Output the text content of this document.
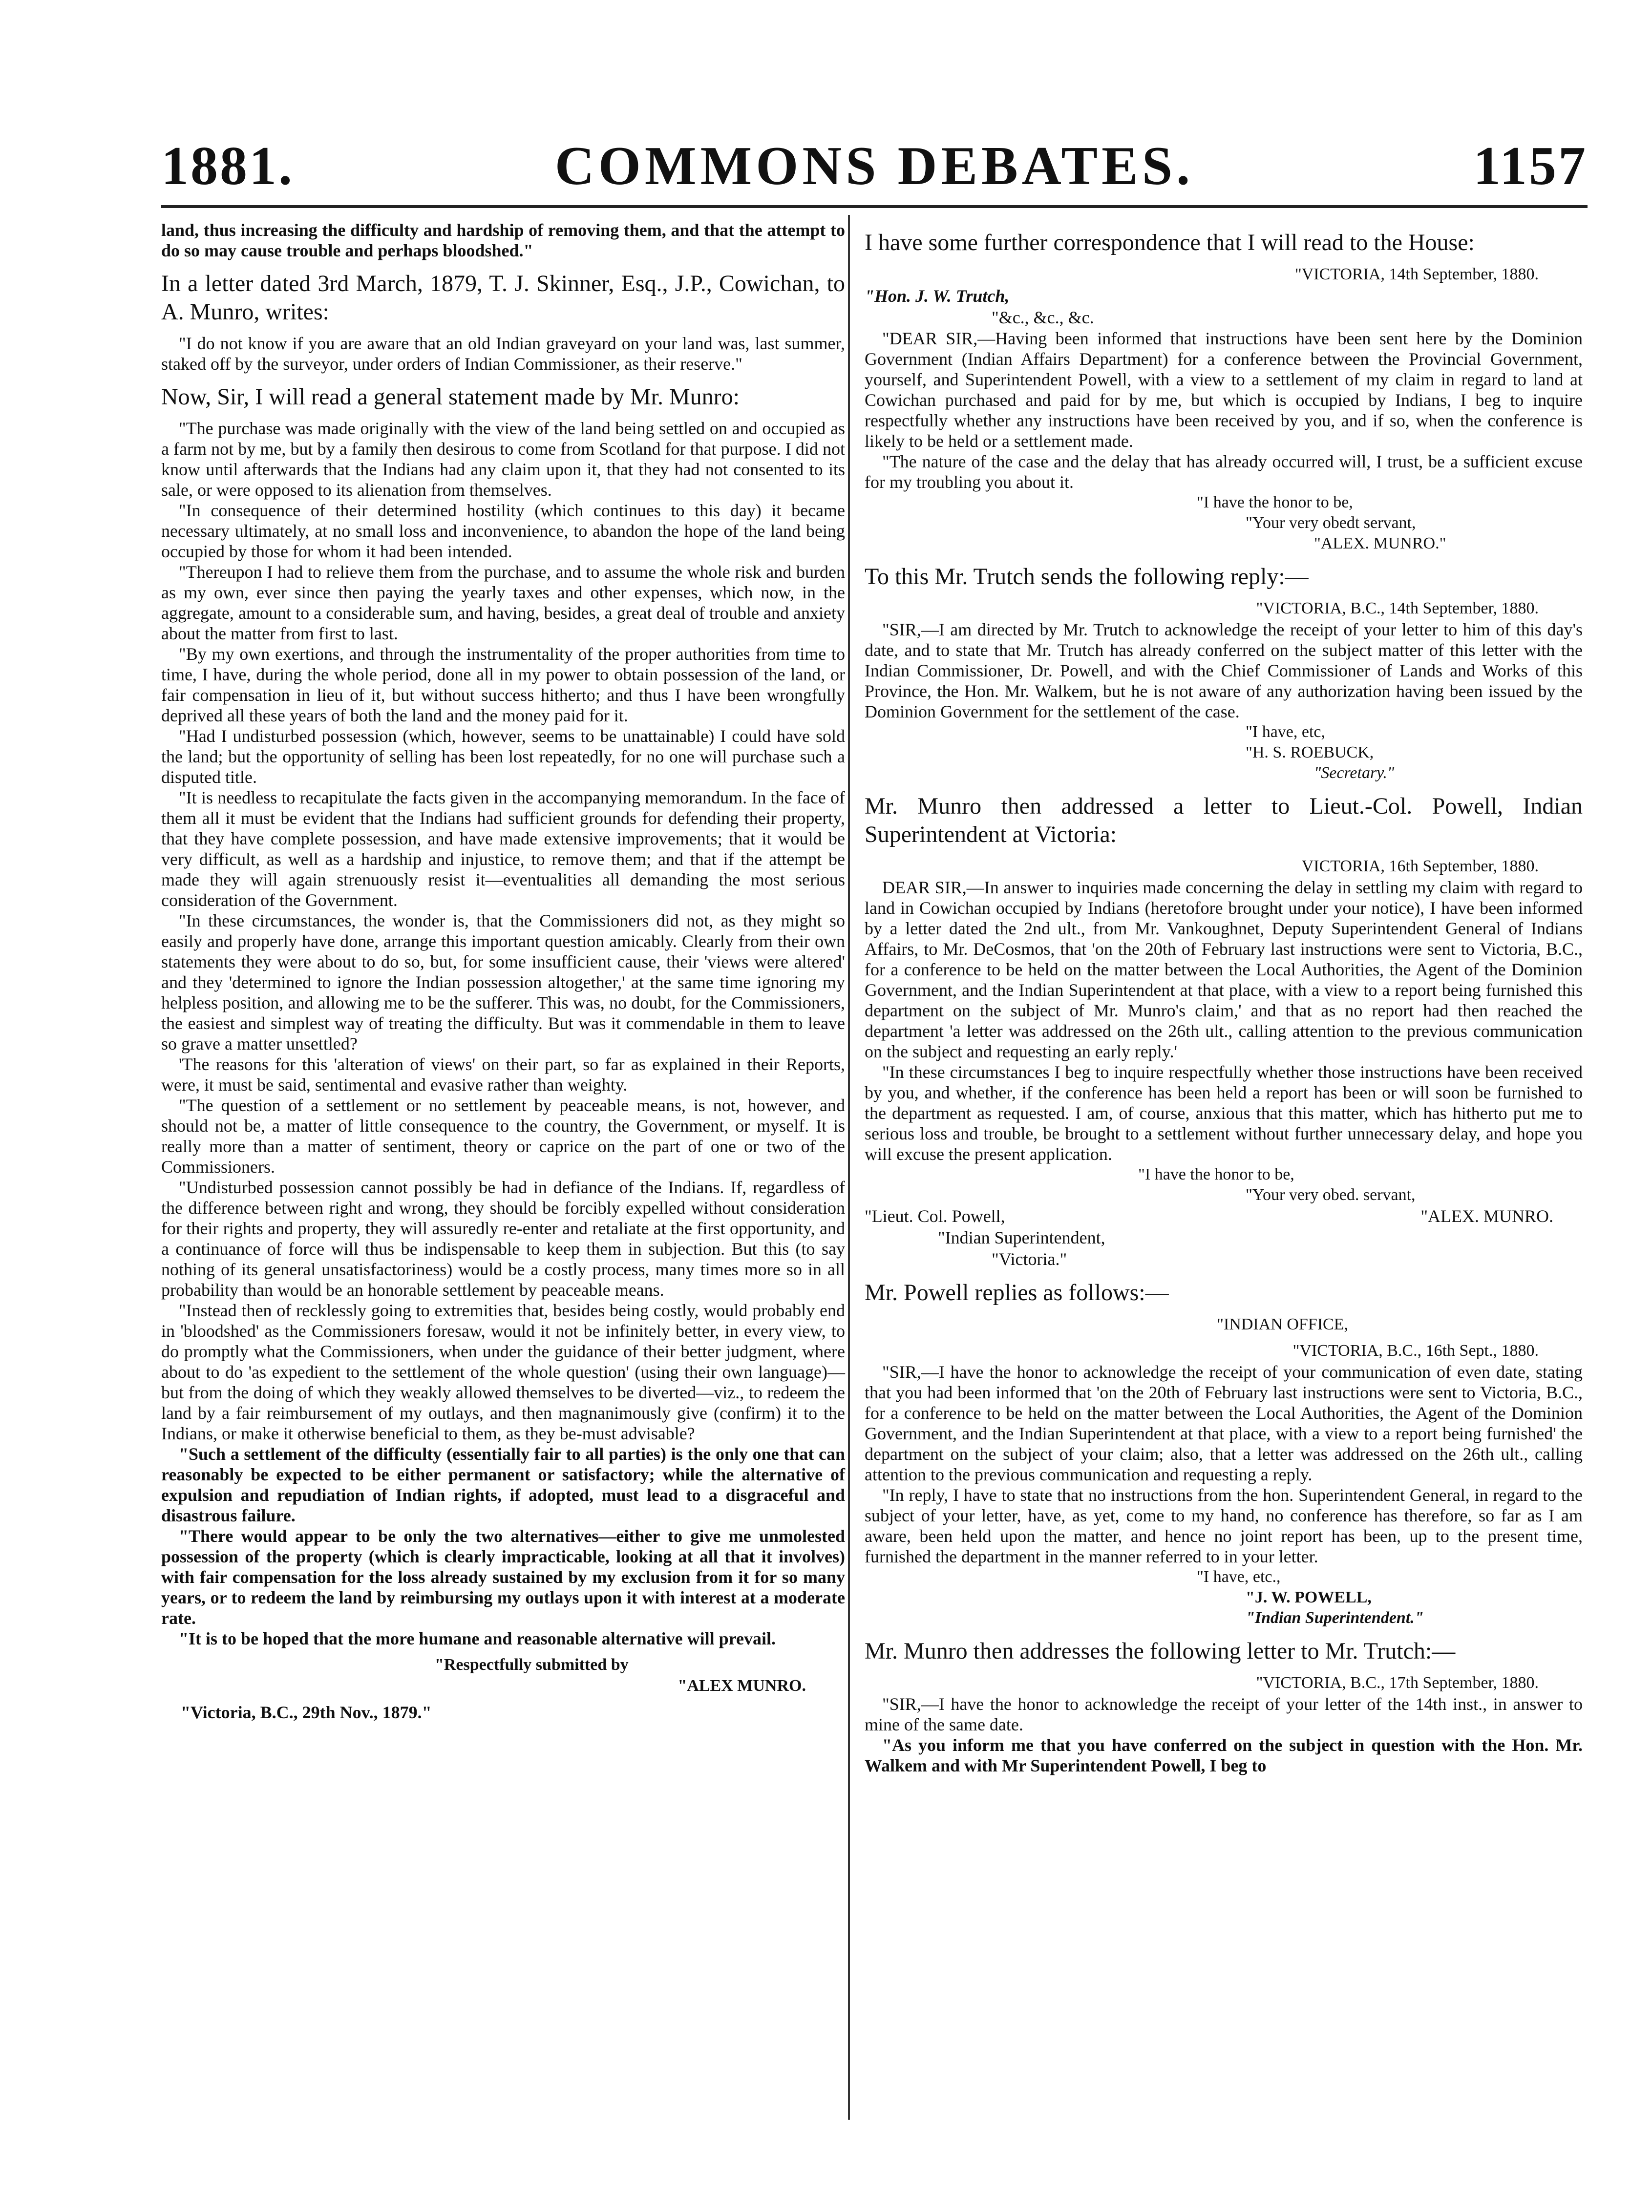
1881.	COMMONS DEBATES.	1157

land, thus increasing the difficulty and hardship of removing them, and that the attempt to do so may cause trouble and perhaps bloodshed."

In a letter dated 3rd March, 1879, T. J. Skinner, Esq., J.P., Cowichan, to A. Munro, writes:

"I do not know if you are aware that an old Indian graveyard on your land was, last summer, staked off by the surveyor, under orders of Indian Commissioner, as their reserve."

Now, Sir, I will read a general statement made by Mr. Munro:

"The purchase was made originally with the view of the land being settled on and occupied as a farm not by me, but by a family then desirous to come from Scotland for that purpose. I did not know until afterwards that the Indians had any claim upon it, that they had not consented to its sale, or were opposed to its alienation from themselves.

"In consequence of their determined hostility (which continues to this day) it became necessary ultimately, at no small loss and inconvenience, to abandon the hope of the land being occupied by those for whom it had been intended.

"Thereupon I had to relieve them from the purchase, and to assume the whole risk and burden as my own, ever since then paying the yearly taxes and other expenses, which now, in the aggregate, amount to a considerable sum, and having, besides, a great deal of trouble and anxiety about the matter from first to last.

"By my own exertions, and through the instrumentality of the proper authorities from time to time, I have, during the whole period, done all in my power to obtain possession of the land, or fair compensation in lieu of it, but without success hitherto; and thus I have been wrongfully deprived all these years of both the land and the money paid for it.

"Had I undisturbed possession (which, however, seems to be unattainable) I could have sold the land; but the opportunity of selling has been lost repeatedly, for no one will purchase such a disputed title.

"It is needless to recapitulate the facts given in the accompanying memorandum. In the face of them all it must be evident that the Indians had sufficient grounds for defending their property, that they have complete possession, and have made extensive improvements; that it would be very difficult, as well as a hardship and injustice, to remove them; and that if the attempt be made they will again strenuously resist it—eventualities all demanding the most serious consideration of the Government.

"In these circumstances, the wonder is, that the Commissioners did not, as they might so easily and properly have done, arrange this important question amicably. Clearly from their own statements they were about to do so, but, for some insufficient cause, their 'views were altered' and they 'determined to ignore the Indian possession altogether,' at the same time ignoring my helpless position, and allowing me to be the sufferer. This was, no doubt, for the Commissioners, the easiest and simplest way of treating the difficulty. But was it commendable in them to leave so grave a matter unsettled?

'The reasons for this 'alteration of views' on their part, so far as explained in their Reports, were, it must be said, sentimental and evasive rather than weighty.

"The question of a settlement or no settlement by peaceable means, is not, however, and should not be, a matter of little consequence to the country, the Government, or myself. It is really more than a matter of sentiment, theory or caprice on the part of one or two of the Commissioners.

"Undisturbed possession cannot possibly be had in defiance of the Indians. If, regardless of the difference between right and wrong, they should be forcibly expelled without consideration for their rights and property, they will assuredly re-enter and retaliate at the first opportunity, and a continuance of force will thus be indispensable to keep them in subjection. But this (to say nothing of its general unsatisfactoriness) would be a costly process, many times more so in all probability than would be an honorable settlement by peaceable means.

"Instead then of recklessly going to extremities that, besides being costly, would probably end in 'bloodshed' as the Commissioners foresaw, would it not be infinitely better, in every view, to do promptly what the Commissioners, when under the guidance of their better judgment, where about to do 'as expedient to the settlement of the whole question' (using their own language)—but from the doing of which they weakly allowed themselves to be diverted—viz., to redeem the land by a fair reimbursement of my outlays, and then magnanimously give (confirm) it to the Indians, or make it otherwise beneficial to them, as they be-must advisable?

"Such a settlement of the difficulty (essentially fair to all parties) is the only one that can reasonably be expected to be either permanent or satisfactory; while the alternative of expulsion and repudiation of Indian rights, if adopted, must lead to a disgraceful and disastrous failure.

"There would appear to be only the two alternatives—either to give me unmolested possession of the property (which is clearly impracticable, looking at all that it involves) with fair compensation for the loss already sustained by my exclusion from it for so many years, or to redeem the land by reimbursing my outlays upon it with interest at a moderate rate.

"It is to be hoped that the more humane and reasonable alternative will prevail.

"Respectfully submitted by

"ALEX MUNRO.

"Victoria, B.C., 29th Nov., 1879."

I have some further correspondence that I will read to the House:

"VICTORIA, 14th September, 1880.

"Hon. J. W. Trutch,

"&c., &c., &c.

"DEAR SIR,—Having been informed that instructions have been sent here by the Dominion Government (Indian Affairs Department) for a conference between the Provincial Government, yourself, and Superintendent Powell, with a view to a settlement of my claim in regard to land at Cowichan purchased and paid for by me, but which is occupied by Indians, I beg to inquire respectfully whether any instructions have been received by you, and if so, when the conference is likely to be held or a settlement made.

"The nature of the case and the delay that has already occurred will, I trust, be a sufficient excuse for my troubling you about it.

"I have the honor to be,

"Your very obedt servant,

"ALEX. MUNRO."

To this Mr. Trutch sends the following reply:—

"VICTORIA, B.C., 14th September, 1880.

"SIR,—I am directed by Mr. Trutch to acknowledge the receipt of your letter to him of this day's date, and to state that Mr. Trutch has already conferred on the subject matter of this letter with the Indian Commissioner, Dr. Powell, and with the Chief Commissioner of Lands and Works of this Province, the Hon. Mr. Walkem, but he is not aware of any authorization having been issued by the Dominion Government for the settlement of the case.

"I have, etc,

"H. S. ROEBUCK,

"Secretary."

Mr. Munro then addressed a letter to Lieut.-Col. Powell, Indian Superintendent at Victoria:

VICTORIA, 16th September, 1880.

DEAR SIR,—In answer to inquiries made concerning the delay in settling my claim with regard to land in Cowichan occupied by Indians (heretofore brought under your notice), I have been informed by a letter dated the 2nd ult., from Mr. Vankoughnet, Deputy Superintendent General of Indians Affairs, to Mr. DeCosmos, that 'on the 20th of February last instructions were sent to Victoria, B.C., for a conference to be held on the matter between the Local Authorities, the Agent of the Dominion Government, and the Indian Superintendent at that place, with a view to a report being furnished this department on the subject of Mr. Munro's claim,' and that as no report had then reached the department 'a letter was addressed on the 26th ult., calling attention to the previous communication on the subject and requesting an early reply.'

"In these circumstances I beg to inquire respectfully whether those instructions have been received by you, and whether, if the conference has been held a report has been or will soon be furnished to the department as requested. I am, of course, anxious that this matter, which has hitherto put me to serious loss and trouble, be brought to a settlement without further unnecessary delay, and hope you will excuse the present application.

"I have the honor to be,

"Your very obed. servant,

"Lieut. Col. Powell,	"ALEX. MUNRO.

"Indian Superintendent,

"Victoria."

Mr. Powell replies as follows:—

"INDIAN OFFICE,

"VICTORIA, B.C., 16th Sept., 1880.

"SIR,—I have the honor to acknowledge the receipt of your communication of even date, stating that you had been informed that 'on the 20th of February last instructions were sent to Victoria, B.C., for a conference to be held on the matter between the Local Authorities, the Agent of the Dominion Government, and the Indian Superintendent at that place, with a view to a report being furnished' the department on the subject of your claim; also, that a letter was addressed on the 26th ult., calling attention to the previous communication and requesting a reply.

"In reply, I have to state that no instructions from the hon. Superintendent General, in regard to the subject of your letter, have, as yet, come to my hand, no conference has therefore, so far as I am aware, been held upon the matter, and hence no joint report has been, up to the present time, furnished the department in the manner referred to in your letter.

"I have, etc.,

"J. W. POWELL,

"Indian Superintendent."

Mr. Munro then addresses the following letter to Mr. Trutch:—

"VICTORIA, B.C., 17th September, 1880.

"SIR,—I have the honor to acknowledge the receipt of your letter of the 14th inst., in answer to mine of the same date.

"As you inform me that you have conferred on the subject in question with the Hon. Mr. Walkem and with Mr Superintendent Powell, I beg to
